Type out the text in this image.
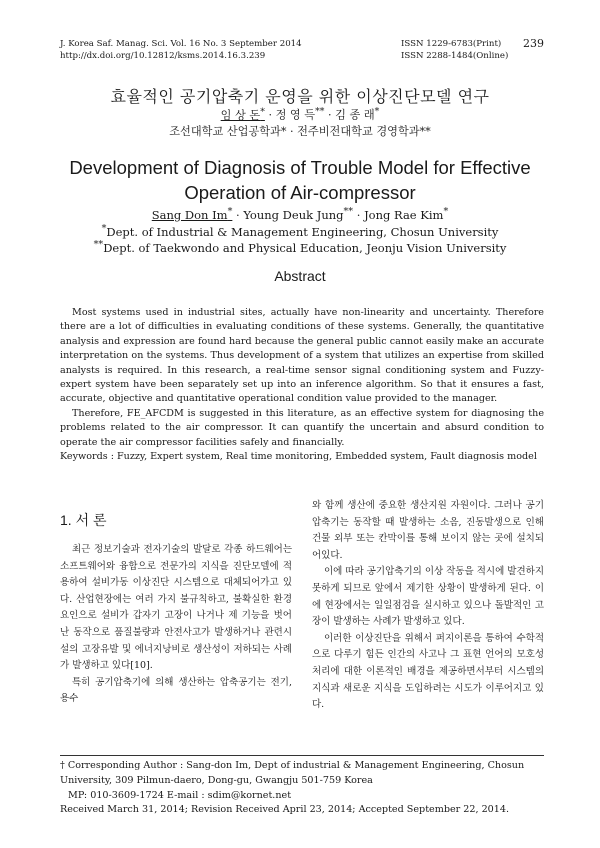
J. Korea Saf. Manag. Sci. Vol. 16 No. 3 September 2014
http://dx.doi.org/10.12812/ksms.2014.16.3.239
ISSN 1229-6783(Print)
ISSN 2288-1484(Online)
239
효율적인 공기압축기 운영을 위한 이상진단모델 연구
임 상 돈* · 정 영 득** · 김 종 래*
조선대학교 산업공학과* · 전주비전대학교 경영학과**
Development of Diagnosis of Trouble Model for Effective
Operation of Air-compressor
Sang Don Im* · Young Deuk Jung** · Jong Rae Kim*
*Dept. of Industrial & Management Engineering, Chosun University
**Dept. of Taekwondo and Physical Education, Jeonju Vision University
Abstract

Most systems used in industrial sites, actually have non-linearity and uncertainty. Therefore there are a lot of difficulties in evaluating conditions of these systems. Generally, the quantitative analysis and expression are found hard because the general public cannot easily make an accurate interpretation on the systems. Thus development of a system that utilizes an expertise from skilled analysts is required. In this research, a real-time sensor signal conditioning system and Fuzzy-expert system have been separately set up into an inference algorithm. So that it ensures a fast, accurate, objective and quantitative operational condition value provided to the manager.

Therefore, FE_AFCDM is suggested in this literature, as an effective system for diagnosing the problems related to the air compressor. It can quantify the uncertain and absurd condition to operate the air compressor facilities safely and financially.

Keywords : Fuzzy, Expert system, Real time monitoring, Embedded system, Fault diagnosis model

1. 서 론

최근 정보기술과 전자기술의 발달로 각종 하드웨어는 소프트웨어와 융합으로 전문가의 지식을 진단모델에 적용하여 설비가동 이상진단 시스템으로 대체되어가고 있다. 산업현장에는 여러 가지 불규칙하고, 불확실한 환경요인으로 설비가 갑자기 고장이 나거나 제 기능을 벗어난 동작으로 품질불량과 안전사고가 발생하거나 관련시설의 고장유발 및 에너지낭비로 생산성이 저하되는 사례가 발생하고 있다[10].

특히 공기압축기에 의해 생산하는 압축공기는 전기, 용수

와 함께 생산에 중요한 생산지원 자원이다. 그러나 공기압축기는 동작할 때 발생하는 소음, 진동발생으로 인해 건물 외부 또는 칸막이를 통해 보이지 않는 곳에 설치되어있다.

이에 따라 공기압축기의 이상 작동을 적시에 발견하지 못하게 되므로 앞에서 제기한 상황이 발생하게 된다. 이에 현장에서는 일일점검을 실시하고 있으나 돌발적인 고장이 발생하는 사례가 발생하고 있다.

이러한 이상진단을 위해서 퍼지이론을 통하여 수학적으로 다루기 힘든 인간의 사고나 그 표현 언어의 모호성 처리에 대한 이론적인 배경을 제공하면서부터 시스템의 지식과 새로운 지식을 도입하려는 시도가 이루어지고 있다.

† Corresponding Author : Sang-don Im, Dept of industrial & Management Engineering, Chosun University, 309 Pilmun-daero, Dong-gu, Gwangju 501-759 Korea

MP: 010-3609-1724 E-mail : sdim@kornet.net

Received March 31, 2014; Revision Received April 23, 2014; Accepted September 22, 2014.
